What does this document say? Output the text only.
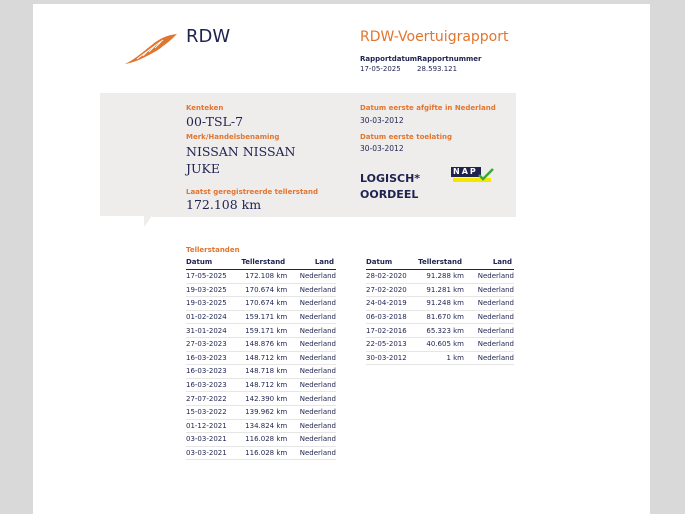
RDW	RDW-Voertuigrapport
Rapportdatum
17-05-2025
Rapportnummer
28.593.121
Kenteken
00-TSL-7
Merk/Handelsbenaming
NISSAN NISSAN
JUKE
Laatst geregistreerde tellerstand
172.108 km
Datum eerste afgifte in Nederland
30-03-2012
Datum eerste toelating
30-03-2012
LOGISCH*
OORDEEL
NAP
Tellerstanden
Datum	Tellerstand	Land
17-05-2025	172.108 km	Nederland
19-03-2025	170.674 km	Nederland
19-03-2025	170.674 km	Nederland
01-02-2024	159.171 km	Nederland
31-01-2024	159.171 km	Nederland
27-03-2023	148.876 km	Nederland
16-03-2023	148.712 km	Nederland
16-03-2023	148.718 km	Nederland
16-03-2023	148.712 km	Nederland
27-07-2022	142.390 km	Nederland
15-03-2022	139.962 km	Nederland
01-12-2021	134.824 km	Nederland
03-03-2021	116.028 km	Nederland
03-03-2021	116.028 km	Nederland
Datum	Tellerstand	Land
28-02-2020	91.288 km	Nederland
27-02-2020	91.281 km	Nederland
24-04-2019	91.248 km	Nederland
06-03-2018	81.670 km	Nederland
17-02-2016	65.323 km	Nederland
22-05-2013	40.605 km	Nederland
30-03-2012	1 km	Nederland
